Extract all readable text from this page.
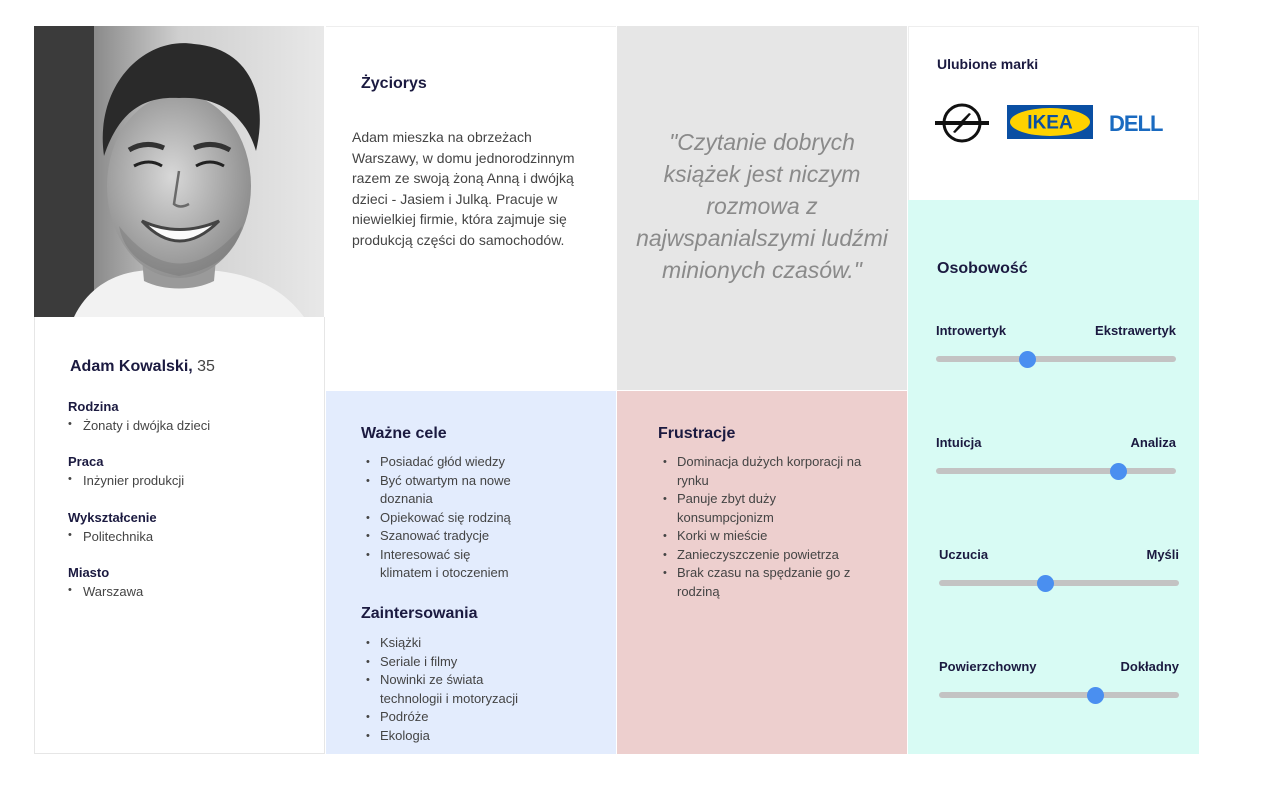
Adam Kowalski, 35
Rodzina
• Żonaty i dwójka dzieci
Praca
• Inżynier produkcji
Wykształcenie
• Politechnika
Miasto
• Warszawa
Życiorys

Adam mieszka na obrzeżach Warszawy, w domu jednorodzinnym razem ze swoją żoną Anną i dwójką dzieci - Jasiem i Julką. Pracuje w niewielkiej firmie, która zajmuje się produkcją części do samochodów.

"Czytanie dobrych książek jest niczym rozmowa z najwspanialszymi ludźmi minionych czasów."

Ulubione marki
IKEA DELL
Ważne cele
• Posiadać głód wiedzy
• Być otwartym na nowe doznania
• Opiekować się rodziną
• Szanować tradycje
• Interesować się klimatem i otoczeniem
Zaintersowania
• Książki
• Seriale i filmy
• Nowinki ze świata technologii i motoryzacji
• Podróże
• Ekologia
Frustracje
• Dominacja dużych korporacji na rynku
• Panuje zbyt duży konsumpcjonizm
• Korki w mieście
• Zanieczyszczenie powietrza
• Brak czasu na spędzanie go z rodziną
Osobowość
Introwertyk	Ekstrawertyk
Intuicja	Analiza
Uczucia	Myśli
Powierzchowny	Dokładny
